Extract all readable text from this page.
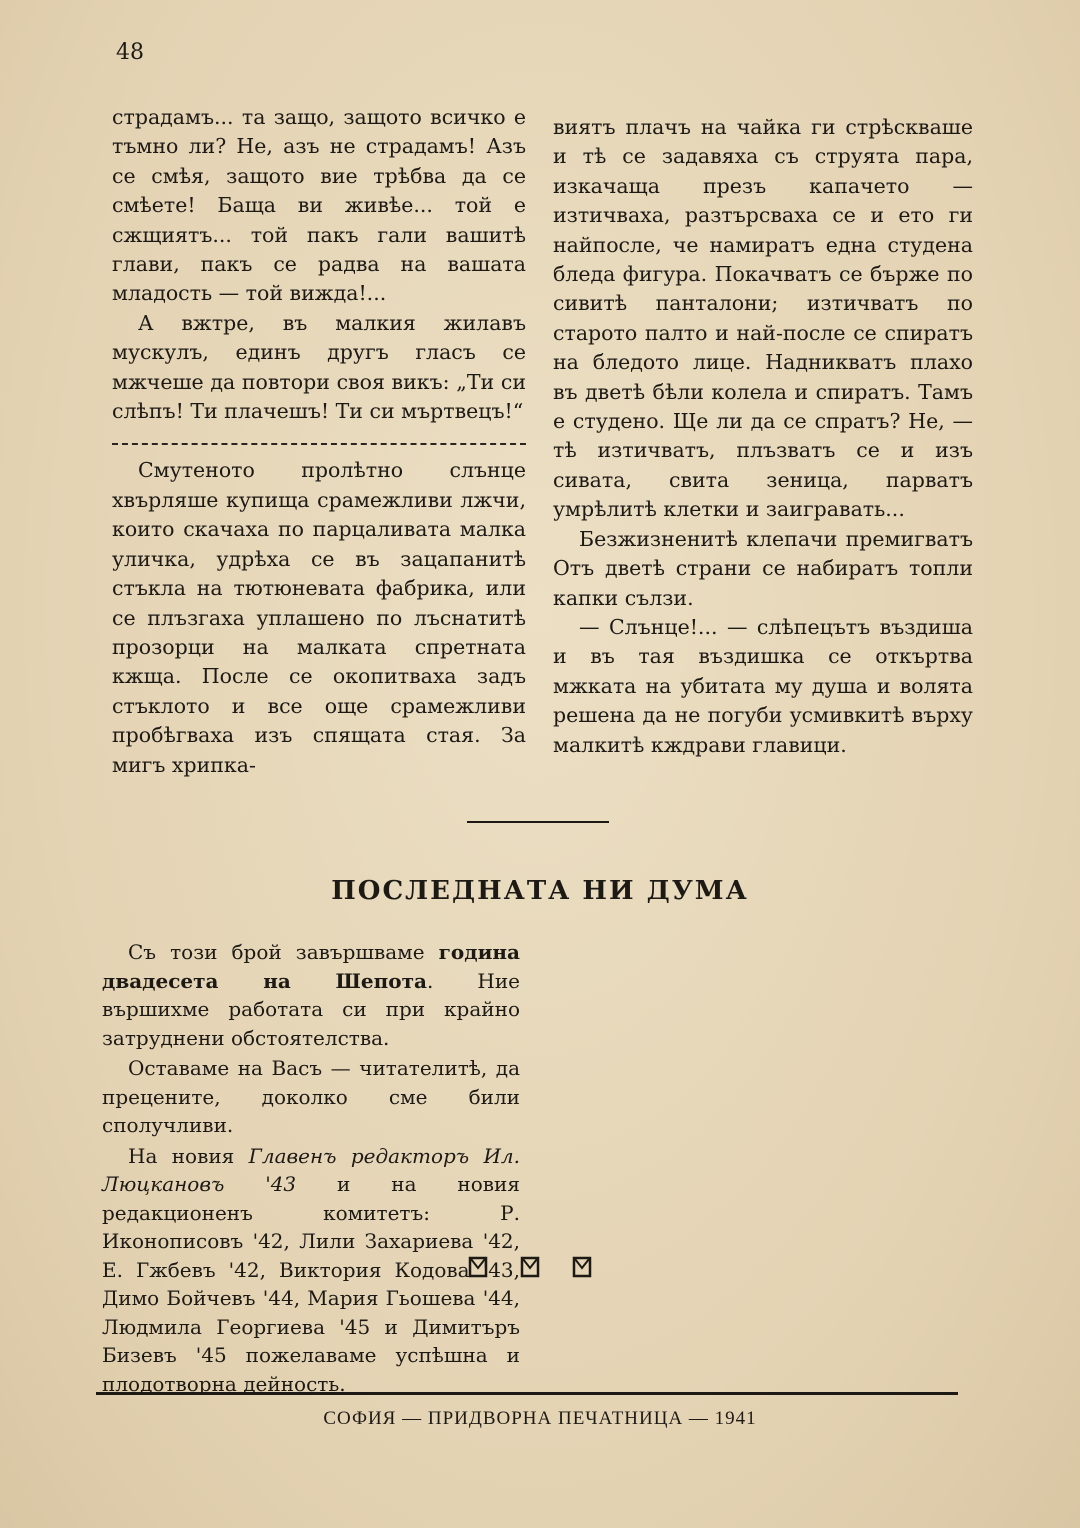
48

страдамъ... та защо, защото всичко е тъмно ли? Не, азъ не страдамъ! Азъ се смѣя, защото вие трѣбва да се смѣете! Баща ви живѣе... той е сжщиятъ... той пакъ гали вашитѣ глави, пакъ се радва на вашата младость — той вижда!...

А вжтре, въ малкия жилавъ мускулъ, единъ другъ гласъ се мжчеше да повтори своя викъ: „Ти си слѣпъ! Ти плачешъ! Ти си мъртвецъ!“

Смутеното пролѣтно слънце хвърляше купища срамежливи лжчи, които скачаха по парцаливата малка уличка, удрѣха се въ зацапанитѣ стъкла на тютюневата фабрика, или се плъзгаха уплашено по лъснатитѣ прозорци на малката спретната кжща. После се окопитваха задъ стъклото и все още срамежливи пробѣгваха изъ спящата стая. За мигъ хрипка-

виятъ плачъ на чайка ги стрѣскваше и тѣ се задавяха съ струята пара, изкачаща презъ капачето — изтичваха, разтърсваха се и ето ги найпосле, че намиратъ една студена бледа фигура. Покачватъ се бърже по сивитѣ панталони; изтичватъ по старото палто и най-после се спиратъ на бледото лице. Надникватъ плахо въ дветѣ бѣли колела и спиратъ. Тамъ е студено. Ще ли да се спратъ? Не, — тѣ изтичватъ, плъзватъ се и изъ сивата, свита зеница, парватъ умрѣлитѣ клетки и заигравать...

Безжизненитѣ клепачи премигватъ Отъ дветѣ страни се набиратъ топли капки сълзи.

— Слънце!... — слѣпецътъ въздиша и въ тая въздишка се откъртва мжката на убитата му душа и волята решена да не погуби усмивкитѣ върху малкитѣ кждрави главици.

ПОСЛЕДНАТА НИ ДУМА

Съ този брой завършваме година двадесета на Шепота. Ние вършихме работата си при крайно затруднени обстоятелства.

Оставаме на Васъ — читателитѣ, да прецените, доколко сме били сполучливи.

На новия Главенъ редакторъ Ил. Люцкановъ '43 и на новия редакционенъ комитетъ: Р. Иконописовъ '42, Лили Захариева '42, Е. Гжбевъ '42, Виктория Кодова '43, Димо Бойчевъ '44, Мария Гьошева '44, Людмила Георгиева '45 и Димитъръ Бизевъ '45 пожелаваме успѣшна и плодотворна дейность.

СОФИЯ — ПРИДВОРНА ПЕЧАТНИЦА — 1941
